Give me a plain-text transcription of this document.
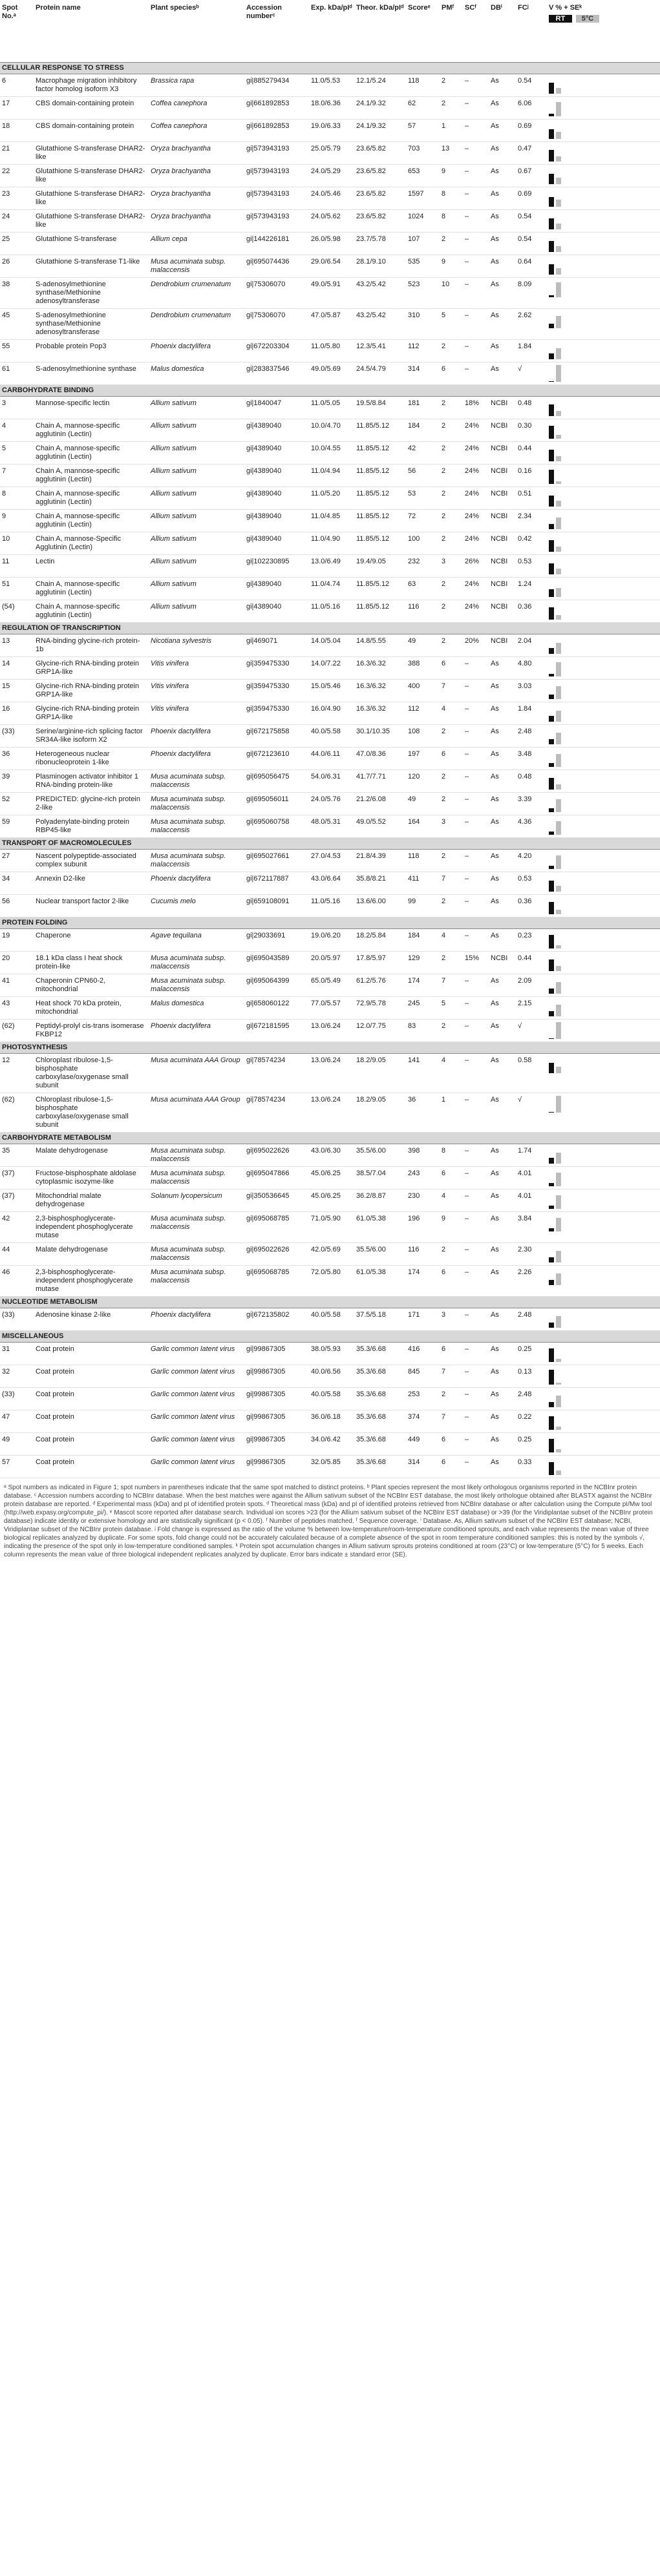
Spot No.ᵃ	Protein name	Plant speciesᵇ	Accession numberᶜ	Exp. kDa/pIᵈ	Theor. kDa/pIᵈ	Scoreᵉ	PMᶠ	SCᶠ	DBⁱ	FCʲ	V % + SEᵏ
RT 5°C

CELLULAR RESPONSE TO STRESS											
6	Macrophage migration inhibitory factor homolog isoform X3	Brassica rapa	gi|885279434	11.0/5.53	12.1/5.24	118	2	–	As	0.54	

17	CBS domain-containing protein	Coffea canephora	gi|661892853	18.0/6.36	24.1/9.32	62	2	–	As	6.06	

18	CBS domain-containing protein	Coffea canephora	gi|661892853	19.0/6.33	24.1/9.32	57	1	–	As	0.69	

21	Glutathione S-transferase DHAR2-like	Oryza brachyantha	gi|573943193	25.0/5.79	23.6/5.82	703	13	–	As	0.47	

22	Glutathione S-transferase DHAR2-like	Oryza brachyantha	gi|573943193	24.0/5.29	23.6/5.82	653	9	–	As	0.67	

23	Glutathione S-transferase DHAR2-like	Oryza brachyantha	gi|573943193	24.0/5.46	23.6/5.82	1597	8	–	As	0.69	

24	Glutathione S-transferase DHAR2-like	Oryza brachyantha	gi|573943193	24.0/5.62	23.6/5.82	1024	8	–	As	0.54	

25	Glutathione S-transferase	Allium cepa	gi|144226181	26.0/5.98	23.7/5.78	107	2	–	As	0.54	

26	Glutathione S-transferase T1-like	Musa acuminata subsp. malaccensis	gi|695074436	29.0/6.54	28.1/9.10	535	9	–	As	0.64	

38	S-adenosylmethionine synthase/Methionine adenosyltransferase	Dendrobium crumenatum	gi|75306070	49.0/5.91	43.2/5.42	523	10	–	As	8.09	

45	S-adenosylmethionine synthase/Methionine adenosyltransferase	Dendrobium crumenatum	gi|75306070	47.0/5.87	43.2/5.42	310	5	–	As	2.62	

55	Probable protein Pop3	Phoenix dactylifera	gi|672203304	11.0/5.80	12.3/5.41	112	2	–	As	1.84	

61	S-adenosylmethionine synthase	Malus domestica	gi|283837546	49.0/5.69	24.5/4.79	314	6	–	As	√	

CARBOHYDRATE BINDING											
3	Mannose-specific lectin	Allium sativum	gi|1840047	11.0/5.05	19.5/8.84	181	2	18%	NCBI	0.48	

4	Chain A, mannose-specific agglutinin (Lectin)	Allium sativum	gi|4389040	10.0/4.70	11.85/5.12	184	2	24%	NCBI	0.30	

5	Chain A, mannose-specific agglutinin (Lectin)	Allium sativum	gi|4389040	10.0/4.55	11.85/5.12	42	2	24%	NCBI	0.44	

7	Chain A, mannose-specific agglutinin (Lectin)	Allium sativum	gi|4389040	11.0/4.94	11.85/5.12	56	2	24%	NCBI	0.16	

8	Chain A, mannose-specific agglutinin (Lectin)	Allium sativum	gi|4389040	11.0/5.20	11.85/5.12	53	2	24%	NCBI	0.51	

9	Chain A, mannose-specific agglutinin (Lectin)	Allium sativum	gi|4389040	11.0/4.85	11.85/5.12	72	2	24%	NCBI	2.34	

10	Chain A, mannose-Specific Agglutinin (Lectin)	Allium sativum	gi|4389040	11.0/4.90	11.85/5.12	100	2	24%	NCBI	0.42	

11	Lectin	Allium sativum	gi|102230895	13.0/6.49	19.4/9.05	232	3	26%	NCBI	0.53	

51	Chain A, mannose-specific agglutinin (Lectin)	Allium sativum	gi|4389040	11.0/4.74	11.85/5.12	63	2	24%	NCBI	1.24	

(54)	Chain A, mannose-specific agglutinin (Lectin)	Allium sativum	gi|4389040	11.0/5.16	11.85/5.12	116	2	24%	NCBI	0.36	

REGULATION OF TRANSCRIPTION											
13	RNA-binding glycine-rich protein-1b	Nicotiana sylvestris	gi|469071	14.0/5.04	14.8/5.55	49	2	20%	NCBI	2.04	

14	Glycine-rich RNA-binding protein GRP1A-like	Vitis vinifera	gi|359475330	14.0/7.22	16.3/6.32	388	6	–	As	4.80	

15	Glycine-rich RNA-binding protein GRP1A-like	Vitis vinifera	gi|359475330	15.0/5.46	16.3/6.32	400	7	–	As	3.03	

16	Glycine-rich RNA-binding protein GRP1A-like	Vitis vinifera	gi|359475330	16.0/4.90	16.3/6.32	112	4	–	As	1.84	

(33)	Serine/arginine-rich splicing factor SR34A-like isoform X2	Phoenix dactylifera	gi|672175858	40.0/5.58	30.1/10.35	108	2	–	As	2.48	

36	Heterogeneous nuclear ribonucleoprotein 1-like	Phoenix dactylifera	gi|672123610	44.0/6.11	47.0/8.36	197	6	–	As	3.48	

39	Plasminogen activator inhibitor 1 RNA-binding protein-like	Musa acuminata subsp. malaccensis	gi|695056475	54.0/6.31	41.7/7.71	120	2	–	As	0.48	

52	PREDICTED: glycine-rich protein 2-like	Musa acuminata subsp. malaccensis	gi|695056011	24.0/5.76	21.2/6.08	49	2	–	As	3.39	

59	Polyadenylate-binding protein RBP45-like	Musa acuminata subsp. malaccensis	gi|695060758	48.0/5.31	49.0/5.52	164	3	–	As	4.36	

TRANSPORT OF MACROMOLECULES											
27	Nascent polypeptide-associated complex subunit	Musa acuminata subsp. malaccensis	gi|695027661	27.0/4.53	21.8/4.39	118	2	–	As	4.20	

34	Annexin D2-like	Phoenix dactylifera	gi|672117887	43.0/6.64	35.8/8.21	411	7	–	As	0.53	

56	Nuclear transport factor 2-like	Cucumis melo	gi|659108091	11.0/5.16	13.6/6.00	99	2	–	As	0.36	

PROTEIN FOLDING											
19	Chaperone	Agave tequilana	gi|29033691	19.0/6.20	18.2/5.84	184	4	–	As	0.23	

20	18.1 kDa class I heat shock protein-like	Musa acuminata subsp. malaccensis	gi|695043589	20.0/5.97	17.8/5.97	129	2	15%	NCBI	0.44	

41	Chaperonin CPN60-2, mitochondrial	Musa acuminata subsp. malaccensis	gi|695064399	65.0/5.49	61.2/5.76	174	7	–	As	2.09	

43	Heat shock 70 kDa protein, mitochondrial	Malus domestica	gi|658060122	77.0/5.57	72.9/5.78	245	5	–	As	2.15	

(62)	Peptidyl-prolyl cis-trans isomerase FKBP12	Phoenix dactylifera	gi|672181595	13.0/6.24	12.0/7.75	83	2	–	As	√	

PHOTOSYNTHESIS											
12	Chloroplast ribulose-1,5-bisphosphate carboxylase/oxygenase small subunit	Musa acuminata AAA Group	gi|78574234	13.0/6.24	18.2/9.05	141	4	–	As	0.58	

(62)	Chloroplast ribulose-1,5-bisphosphate carboxylase/oxygenase small subunit	Musa acuminata AAA Group	gi|78574234	13.0/6.24	18.2/9.05	36	1	–	As	√	

CARBOHYDRATE METABOLISM											
35	Malate dehydrogenase	Musa acuminata subsp. malaccensis	gi|695022626	43.0/6.30	35.5/6.00	398	8	–	As	1.74	

(37)	Fructose-bisphosphate aldolase cytoplasmic isozyme-like	Musa acuminata subsp. malaccensis	gi|695047866	45.0/6.25	38.5/7.04	243	6	–	As	4.01	

(37)	Mitochondrial malate dehydrogenase	Solanum lycopersicum	gi|350536645	45.0/6.25	36.2/8.87	230	4	–	As	4.01	

42	2,3-bisphosphoglycerate-independent phosphoglycerate mutase	Musa acuminata subsp. malaccensis	gi|695068785	71.0/5.90	61.0/5.38	196	9	–	As	3.84	

44	Malate dehydrogenase	Musa acuminata subsp. malaccensis	gi|695022626	42.0/5.69	35.5/6.00	116	2	–	As	2.30	

46	2,3-bisphosphoglycerate-independent phosphoglycerate mutase	Musa acuminata subsp. malaccensis	gi|695068785	72.0/5.80	61.0/5.38	174	6	–	As	2.26	

NUCLEOTIDE METABOLISM											
(33)	Adenosine kinase 2-like	Phoenix dactylifera	gi|672135802	40.0/5.58	37.5/5.18	171	3	–	As	2.48	

MISCELLANEOUS											
31	Coat protein	Garlic common latent virus	gi|99867305	38.0/5.93	35.3/6.68	416	6	–	As	0.25	

32	Coat protein	Garlic common latent virus	gi|99867305	40.0/6.56	35.3/6.68	845	7	–	As	0.13	

(33)	Coat protein	Garlic common latent virus	gi|99867305	40.0/5.58	35.3/6.68	253	2	–	As	2.48	

47	Coat protein	Garlic common latent virus	gi|99867305	36.0/6.18	35.3/6.68	374	7	–	As	0.22	

49	Coat protein	Garlic common latent virus	gi|99867305	34.0/6.42	35.3/6.68	449	6	–	As	0.25	

57	Coat protein	Garlic common latent virus	gi|99867305	32.0/5.85	35.3/6.68	314	6	–	As	0.33	
ᵃ Spot numbers as indicated in Figure 1; spot numbers in parentheses indicate that the same spot matched to distinct proteins. ᵇ Plant species represent the most likely orthologous organisms reported in the NCBInr protein database. ᶜ Accession numbers according to NCBInr database. When the best matches were against the Allium sativum subset of the NCBInr EST database, the most likely orthologue obtained after BLASTX against the NCBInr protein database are reported. ᵈ Experimental mass (kDa) and pI of identified protein spots. ᵈ Theoretical mass (kDa) and pI of identified proteins retrieved from NCBInr database or after calculation using the Compute pI/Mw tool (http://web.expasy.org/compute_pi/). ᵉ Mascot score reported after database search. Individual ion scores >23 (for the Allium sativum subset of the NCBInr EST database) or >39 (for the Viridiplantae subset of the NCBInr protein database) indicate identity or extensive homology and are statistically significant (p < 0.05). ᶠ Number of peptides matched. ᶠ Sequence coverage. ⁱ Database. As, Allium sativum subset of the NCBInr EST database; NCBI, Viridiplantae subset of the NCBInr protein database. ʲ Fold change is expressed as the ratio of the volume % between low-temperature/room-temperature conditioned sprouts, and each value represents the mean value of three biological replicates analyzed by duplicate. For some spots, fold change could not be accurately calculated because of a complete absence of the spot in room temperature conditioned samples: this is noted by the symbols √, indicating the presence of the spot only in low-temperature conditioned samples. ᵏ Protein spot accumulation changes in Allium sativum sprouts proteins conditioned at room (23°C) or low-temperature (5°C) for 5 weeks. Each column represents the mean value of three biological independent replicates analyzed by duplicate. Error bars indicate ± standard error (SE).
